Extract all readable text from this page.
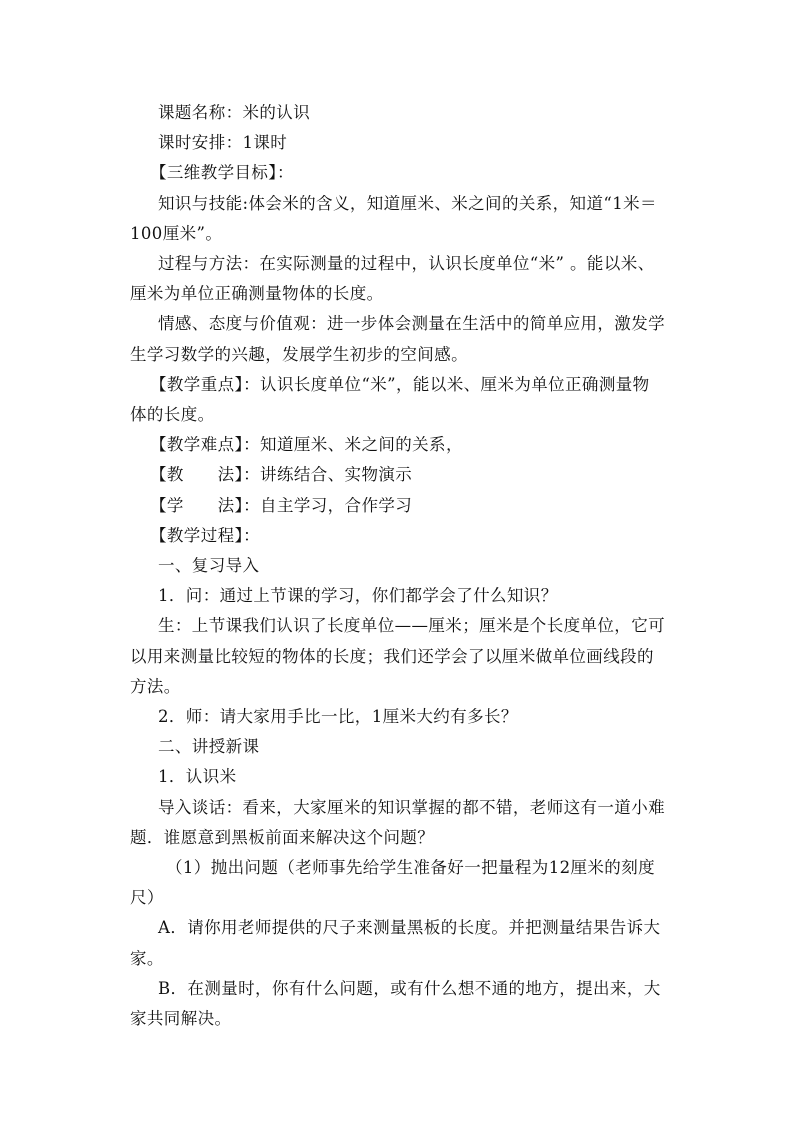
课题名称：米的认识

课时安排：1课时

【三维教学目标】：

知识与技能:体会米的含义，知道厘米、米之间的关系，知道“1米＝100厘米”。

过程与方法：在实际测量的过程中，认识长度单位“米” 。能以米、厘米为单位正确测量物体的长度。

情感、态度与价值观：进一步体会测量在生活中的简单应用，激发学生学习数学的兴趣，发展学生初步的空间感。

【教学重点】：认识长度单位“米”，能以米、厘米为单位正确测量物体的长度。

【教学难点】：知道厘米、米之间的关系，

【教　　法】：讲练结合、实物演示

【学　　法】：自主学习，合作学习

【教学过程】：

一、复习导入

1．问：通过上节课的学习，你们都学会了什么知识？

生：上节课我们认识了长度单位——厘米；厘米是个长度单位，它可以用来测量比较短的物体的长度；我们还学会了以厘米做单位画线段的方法。

2．师：请大家用手比一比，1厘米大约有多长？

二、讲授新课

1．认识米

导入谈话：看来，大家厘米的知识掌握的都不错，老师这有一道小难题．谁愿意到黑板前面来解决这个问题？

（1）抛出问题（老师事先给学生准备好一把量程为12厘米的刻度尺）

A．请你用老师提供的尺子来测量黑板的长度。并把测量结果告诉大家。

B．在测量时，你有什么问题，或有什么想不通的地方，提出来，大家共同解决。
